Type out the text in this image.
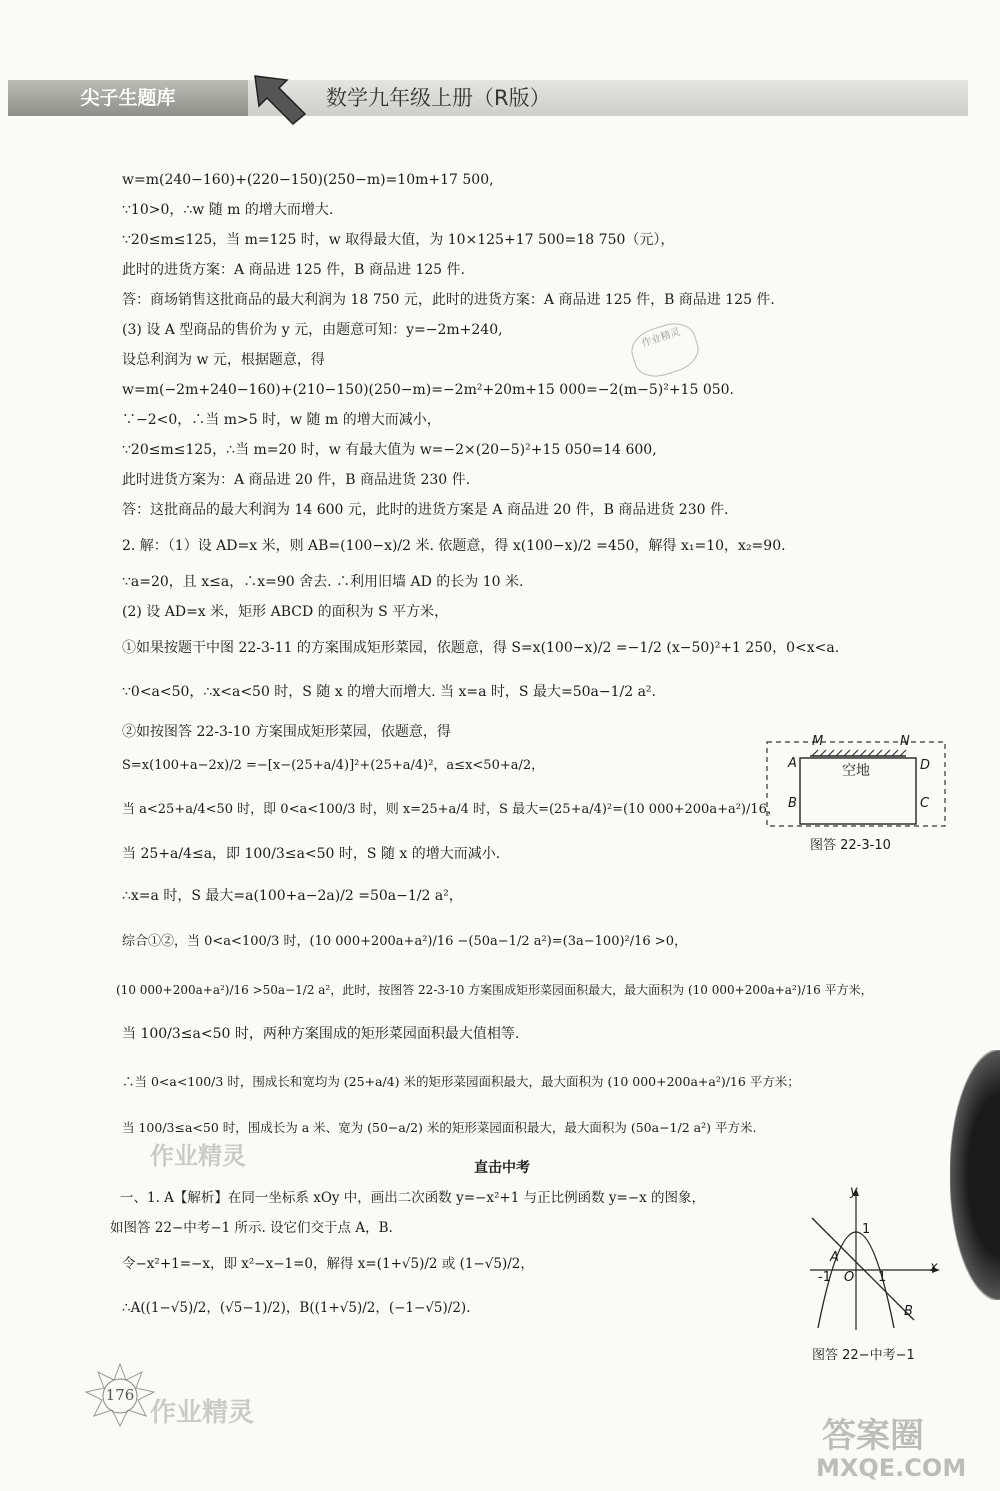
尖子生题库	数学九年级上册（R版）
作业精灵
w=m(240−160)+(220−150)(250−m)=10m+17 500,
∵10>0，∴w 随 m 的增大而增大.
∵20≤m≤125，当 m=125 时，w 取得最大值，为 10×125+17 500=18 750（元），
此时的进货方案：A 商品进 125 件，B 商品进 125 件.
答：商场销售这批商品的最大利润为 18 750 元，此时的进货方案：A 商品进 125 件，B 商品进 125 件.
(3) 设 A 型商品的售价为 y 元，由题意可知：y=−2m+240,
设总利润为 w 元，根据题意，得
w=m(−2m+240−160)+(210−150)(250−m)=−2m²+20m+15 000=−2(m−5)²+15 050.
∵−2<0，∴当 m>5 时，w 随 m 的增大而减小，
∵20≤m≤125，∴当 m=20 时，w 有最大值为 w=−2×(20−5)²+15 050=14 600,
此时进货方案为：A 商品进 20 件，B 商品进货 230 件.
答：这批商品的最大利润为 14 600 元，此时的进货方案是 A 商品进 20 件，B 商品进货 230 件.
2. 解：（1）设 AD=x 米，则 AB=(100−x)/2 米. 依题意，得 x(100−x)/2 =450，解得 x₁=10，x₂=90.
∵a=20，且 x≤a，∴x=90 舍去. ∴利用旧墙 AD 的长为 10 米.
(2) 设 AD=x 米，矩形 ABCD 的面积为 S 平方米，
①如果按题干中图 22-3-11 的方案围成矩形菜园，依题意，得 S=x(100−x)/2 =−1/2 (x−50)²+1 250，0<x<a.
∵0<a<50，∴x<a<50 时，S 随 x 的增大而增大. 当 x=a 时，S 最大=50a−1/2 a².
②如按图答 22-3-10 方案围成矩形菜园，依题意，得
S=x(100+a−2x)/2 =−[x−(25+a/4)]²+(25+a/4)²，a≤x<50+a/2，
当 a<25+a/4<50 时，即 0<a<100/3 时，则 x=25+a/4 时，S 最大=(25+a/4)²=(10 000+200a+a²)/16，
当 25+a/4≤a，即 100/3≤a<50 时，S 随 x 的增大而减小.
∴x=a 时，S 最大=a(100+a−2a)/2 =50a−1/2 a²，
综合①②，当 0<a<100/3 时，(10 000+200a+a²)/16 −(50a−1/2 a²)=(3a−100)²/16 >0，
(10 000+200a+a²)/16 >50a−1/2 a²，此时，按图答 22-3-10 方案围成矩形菜园面积最大，最大面积为 (10 000+200a+a²)/16 平方米，
当 100/3≤a<50 时，两种方案围成的矩形菜园面积最大值相等.
∴当 0<a<100/3 时，围成长和宽均为 (25+a/4) 米的矩形菜园面积最大，最大面积为 (10 000+200a+a²)/16 平方米；
当 100/3≤a<50 时，围成长为 a 米、宽为 (50−a/2) 米的矩形菜园面积最大，最大面积为 (50a−1/2 a²) 平方米.
直击中考
一、1. A【解析】在同一坐标系 xOy 中，画出二次函数 y=−x²+1 与正比例函数 y=−x 的图象，
如图答 22−中考−1 所示. 设它们交于点 A，B.
令−x²+1=−x，即 x²−x−1=0，解得 x=(1+√5)/2 或 (1−√5)/2，
∴A((1−√5)/2，(√5−1)/2)，B((1+√5)/2，(−1−√5)/2).
M	N
A	D
B	C
空地
图答 22-3-10
y
x
O
1
-1	1
A
B
图答 22−中考−1
176
作业精灵
作业精灵
答案圈
MXQE.COM
